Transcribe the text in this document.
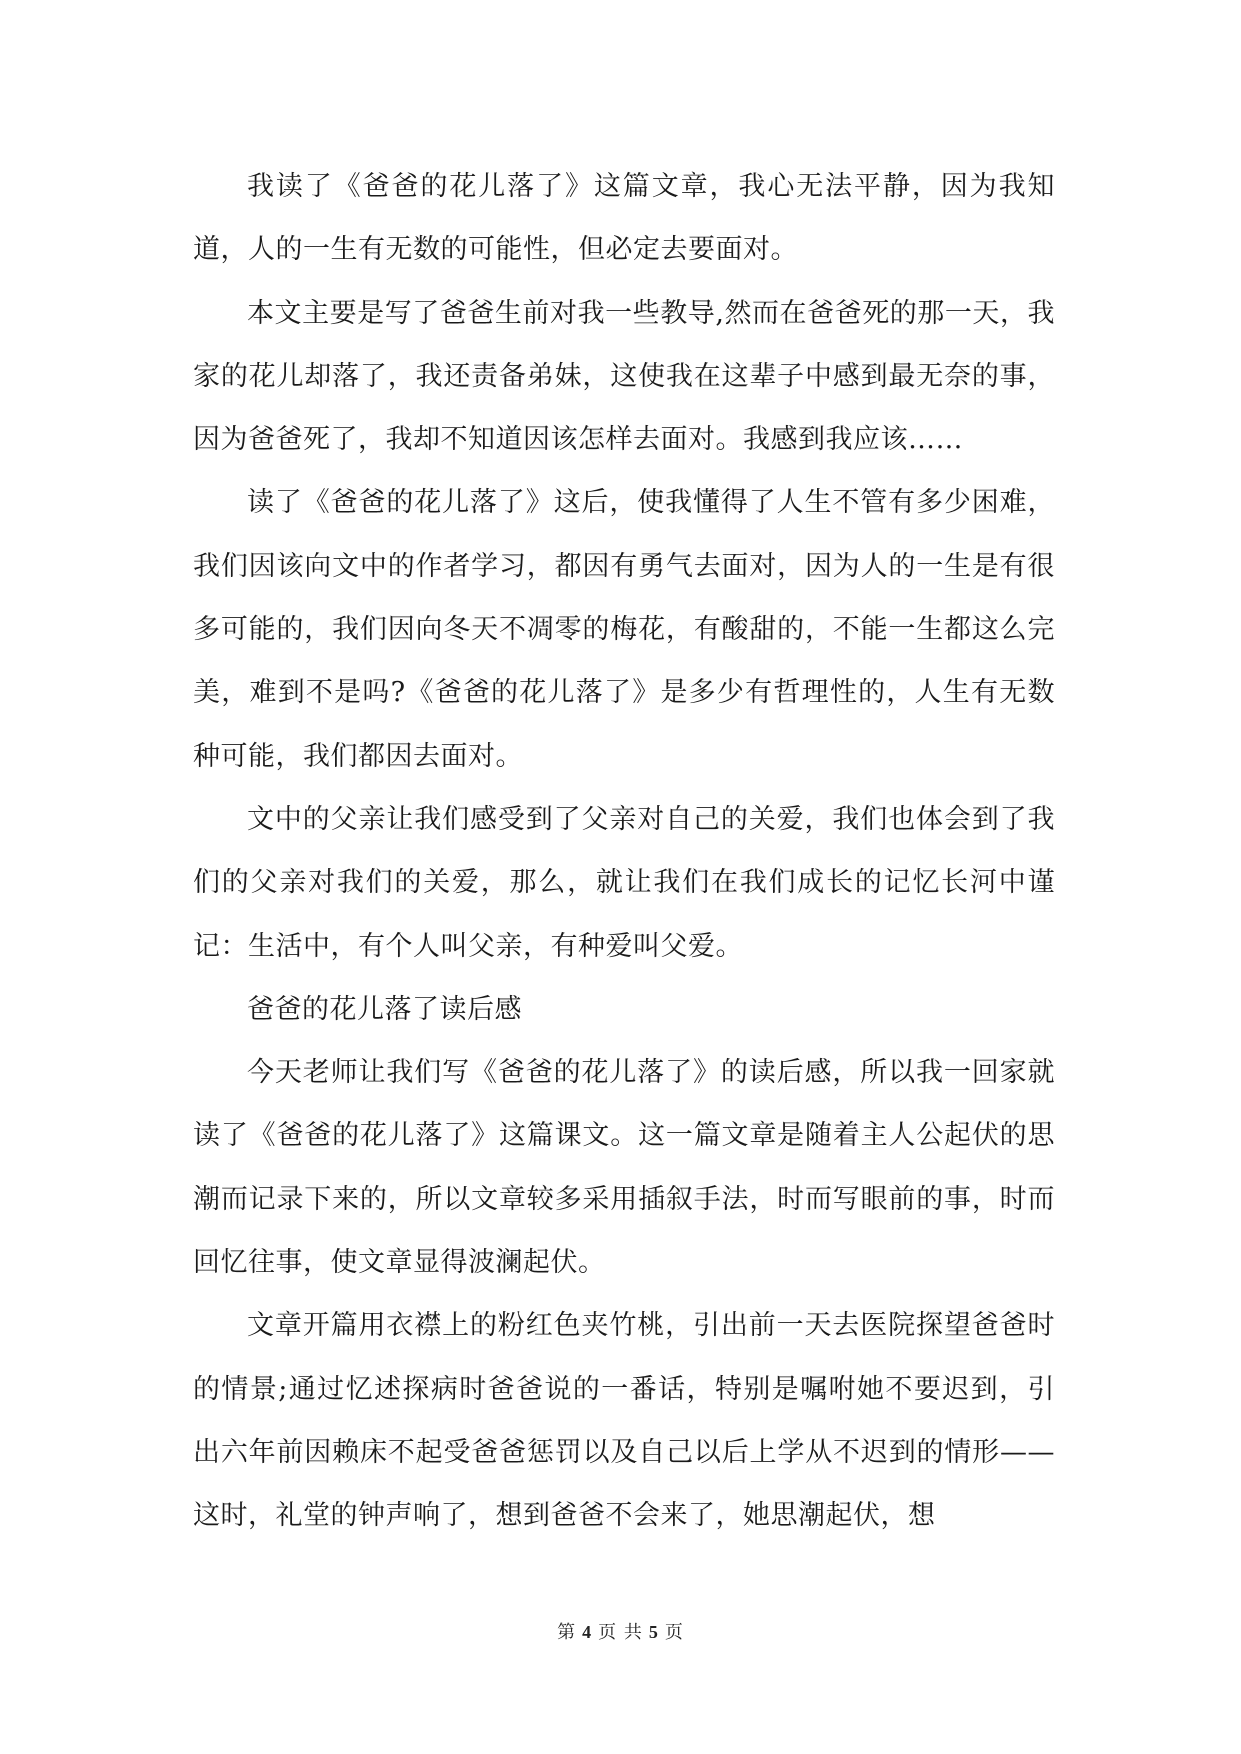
我读了《爸爸的花儿落了》这篇文章，我心无法平静，因为我知道，人的一生有无数的可能性，但必定去要面对。

本文主要是写了爸爸生前对我一些教导,然而在爸爸死的那一天，我家的花儿却落了，我还责备弟妹，这使我在这辈子中感到最无奈的事，因为爸爸死了，我却不知道因该怎样去面对。我感到我应该……

读了《爸爸的花儿落了》这后，使我懂得了人生不管有多少困难，我们因该向文中的作者学习，都因有勇气去面对，因为人的一生是有很多可能的，我们因向冬天不凋零的梅花，有酸甜的，不能一生都这么完美，难到不是吗?《爸爸的花儿落了》是多少有哲理性的，人生有无数种可能，我们都因去面对。

文中的父亲让我们感受到了父亲对自己的关爱，我们也体会到了我们的父亲对我们的关爱，那么，就让我们在我们成长的记忆长河中谨记：生活中，有个人叫父亲，有种爱叫父爱。

爸爸的花儿落了读后感

今天老师让我们写《爸爸的花儿落了》的读后感，所以我一回家就读了《爸爸的花儿落了》这篇课文。这一篇文章是随着主人公起伏的思潮而记录下来的，所以文章较多采用插叙手法，时而写眼前的事，时而回忆往事，使文章显得波澜起伏。

文章开篇用衣襟上的粉红色夹竹桃，引出前一天去医院探望爸爸时的情景;通过忆述探病时爸爸说的一番话，特别是嘱咐她不要迟到，引出六年前因赖床不起受爸爸惩罚以及自己以后上学从不迟到的情形——这时，礼堂的钟声响了，想到爸爸不会来了，她思潮起伏，想

第 4 页 共 5 页
